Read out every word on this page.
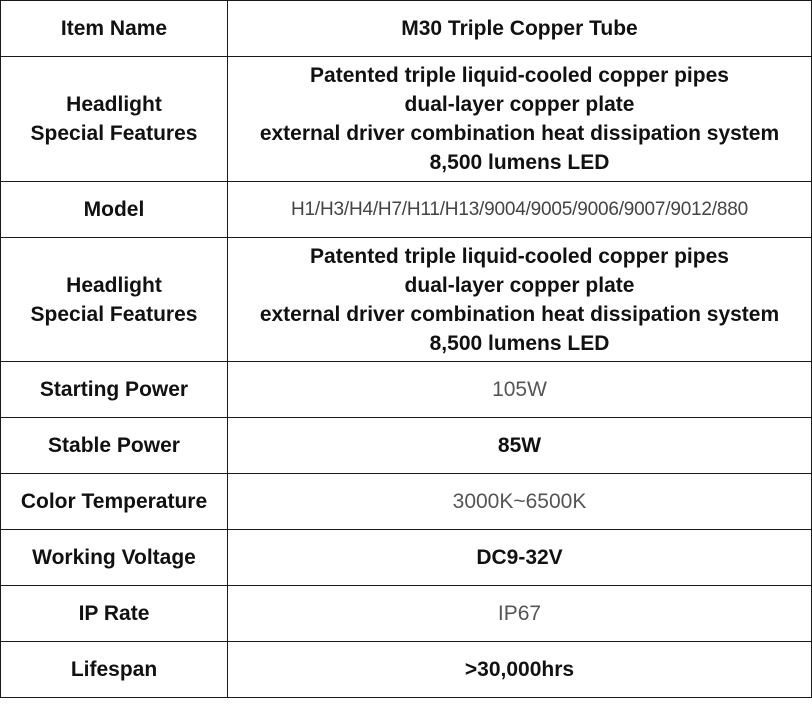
Item Name	M30 Triple Copper Tube

Headlight
Special Features	Patented triple liquid-cooled copper pipes
dual-layer copper plate
external driver combination heat dissipation system
8,500 lumens LED

Model	H1/H3/H4/H7/H11/H13/9004/9005/9006/9007/9012/880

Headlight
Special Features	Patented triple liquid-cooled copper pipes
dual-layer copper plate
external driver combination heat dissipation system
8,500 lumens LED

Starting Power	105W
Stable Power	85W
Color Temperature	3000K~6500K
Working Voltage	DC9-32V
IP Rate	IP67
Lifespan	>30,000hrs
